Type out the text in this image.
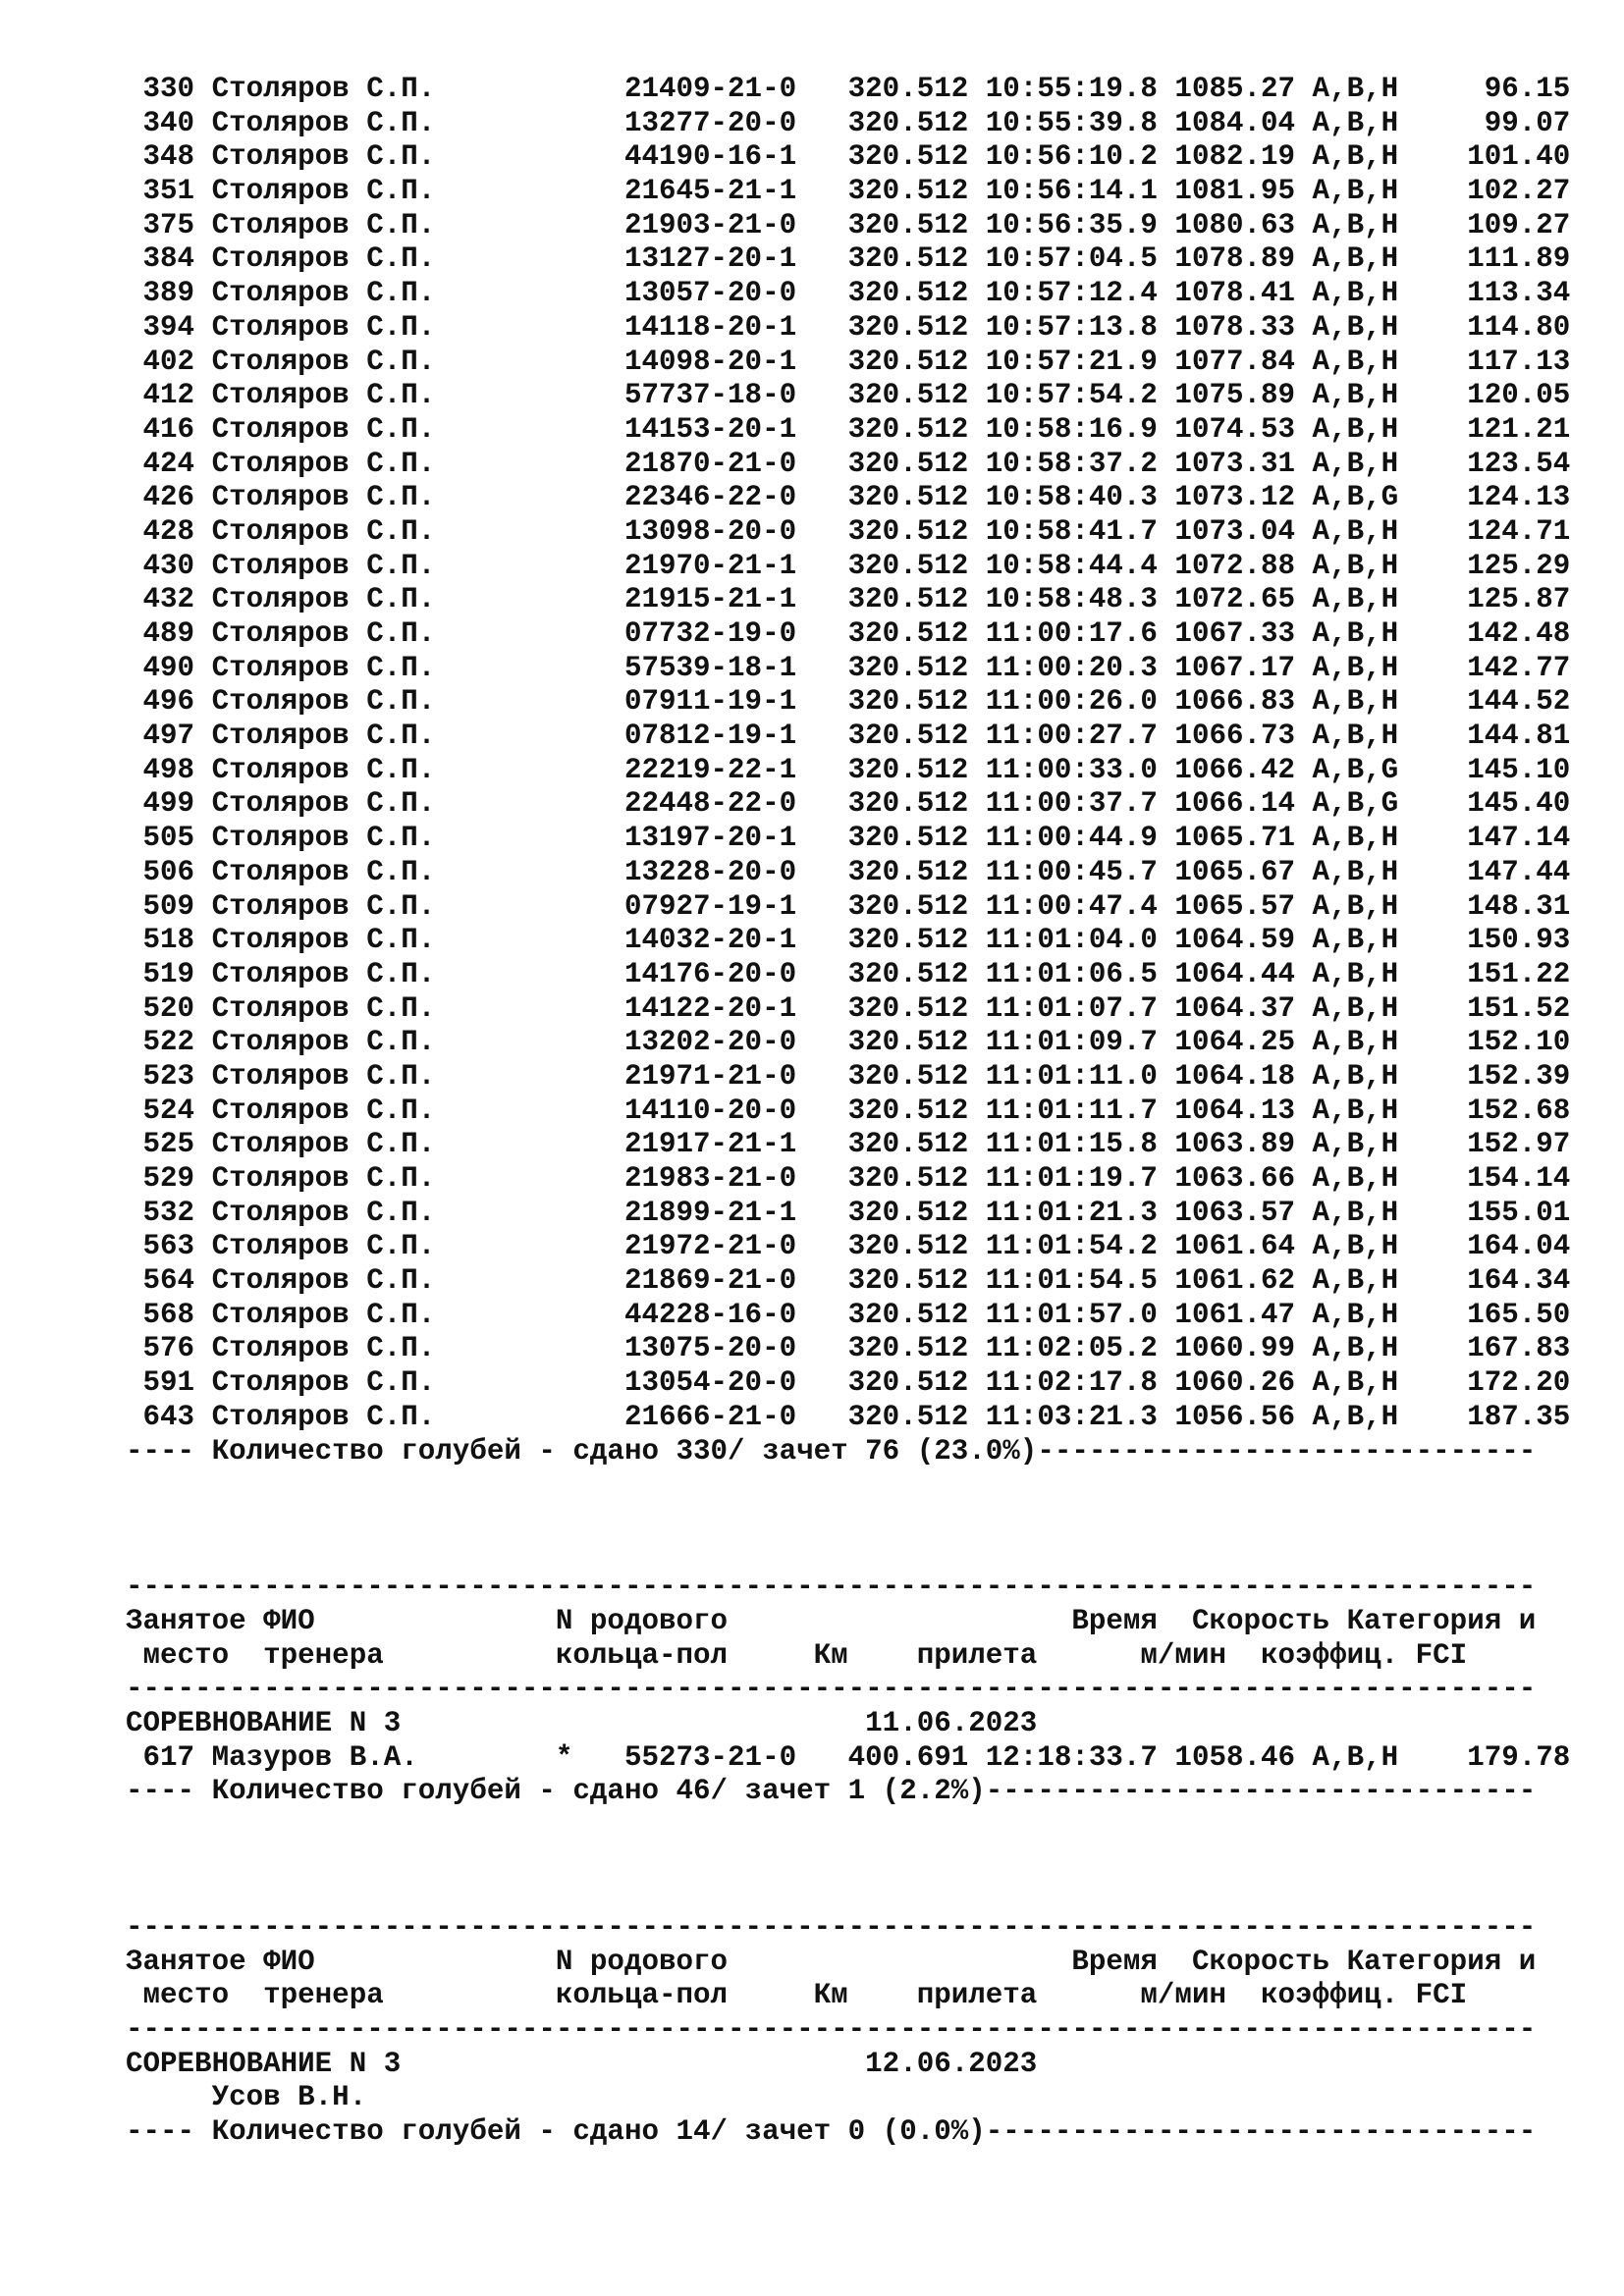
330 Столяров С.П.           21409-21-0   320.512 10:55:19.8 1085.27 A,B,H     96.15
340 Столяров С.П.           13277-20-0   320.512 10:55:39.8 1084.04 A,B,H     99.07
348 Столяров С.П.           44190-16-1   320.512 10:56:10.2 1082.19 A,B,H    101.40
351 Столяров С.П.           21645-21-1   320.512 10:56:14.1 1081.95 A,B,H    102.27
375 Столяров С.П.           21903-21-0   320.512 10:56:35.9 1080.63 A,B,H    109.27
384 Столяров С.П.           13127-20-1   320.512 10:57:04.5 1078.89 A,B,H    111.89
389 Столяров С.П.           13057-20-0   320.512 10:57:12.4 1078.41 A,B,H    113.34
394 Столяров С.П.           14118-20-1   320.512 10:57:13.8 1078.33 A,B,H    114.80
402 Столяров С.П.           14098-20-1   320.512 10:57:21.9 1077.84 A,B,H    117.13
412 Столяров С.П.           57737-18-0   320.512 10:57:54.2 1075.89 A,B,H    120.05
416 Столяров С.П.           14153-20-1   320.512 10:58:16.9 1074.53 A,B,H    121.21
424 Столяров С.П.           21870-21-0   320.512 10:58:37.2 1073.31 A,B,H    123.54
426 Столяров С.П.           22346-22-0   320.512 10:58:40.3 1073.12 A,B,G    124.13
428 Столяров С.П.           13098-20-0   320.512 10:58:41.7 1073.04 A,B,H    124.71
430 Столяров С.П.           21970-21-1   320.512 10:58:44.4 1072.88 A,B,H    125.29
432 Столяров С.П.           21915-21-1   320.512 10:58:48.3 1072.65 A,B,H    125.87
489 Столяров С.П.           07732-19-0   320.512 11:00:17.6 1067.33 A,B,H    142.48
490 Столяров С.П.           57539-18-1   320.512 11:00:20.3 1067.17 A,B,H    142.77
496 Столяров С.П.           07911-19-1   320.512 11:00:26.0 1066.83 A,B,H    144.52
497 Столяров С.П.           07812-19-1   320.512 11:00:27.7 1066.73 A,B,H    144.81
498 Столяров С.П.           22219-22-1   320.512 11:00:33.0 1066.42 A,B,G    145.10
499 Столяров С.П.           22448-22-0   320.512 11:00:37.7 1066.14 A,B,G    145.40
505 Столяров С.П.           13197-20-1   320.512 11:00:44.9 1065.71 A,B,H    147.14
506 Столяров С.П.           13228-20-0   320.512 11:00:45.7 1065.67 A,B,H    147.44
509 Столяров С.П.           07927-19-1   320.512 11:00:47.4 1065.57 A,B,H    148.31
518 Столяров С.П.           14032-20-1   320.512 11:01:04.0 1064.59 A,B,H    150.93
519 Столяров С.П.           14176-20-0   320.512 11:01:06.5 1064.44 A,B,H    151.22
520 Столяров С.П.           14122-20-1   320.512 11:01:07.7 1064.37 A,B,H    151.52
522 Столяров С.П.           13202-20-0   320.512 11:01:09.7 1064.25 A,B,H    152.10
523 Столяров С.П.           21971-21-0   320.512 11:01:11.0 1064.18 A,B,H    152.39
524 Столяров С.П.           14110-20-0   320.512 11:01:11.7 1064.13 A,B,H    152.68
525 Столяров С.П.           21917-21-1   320.512 11:01:15.8 1063.89 A,B,H    152.97
529 Столяров С.П.           21983-21-0   320.512 11:01:19.7 1063.66 A,B,H    154.14
532 Столяров С.П.           21899-21-1   320.512 11:01:21.3 1063.57 A,B,H    155.01
563 Столяров С.П.           21972-21-0   320.512 11:01:54.2 1061.64 A,B,H    164.04
564 Столяров С.П.           21869-21-0   320.512 11:01:54.5 1061.62 A,B,H    164.34
568 Столяров С.П.           44228-16-0   320.512 11:01:57.0 1061.47 A,B,H    165.50
576 Столяров С.П.           13075-20-0   320.512 11:02:05.2 1060.99 A,B,H    167.83
591 Столяров С.П.           13054-20-0   320.512 11:02:17.8 1060.26 A,B,H    172.20
643 Столяров С.П.           21666-21-0   320.512 11:03:21.3 1056.56 A,B,H    187.35
---- Количество голубей - сдано 330/ зачет 76 (23.0%)-----------------------------
----------------------------------------------------------------------------------
Занятое ФИО              N родового                    Время  Скорость Категория и
место  тренера          кольца-пол     Км    прилета      м/мин  коэффиц. FCI
----------------------------------------------------------------------------------
СОРЕВНОВАНИЕ N 3                           11.06.2023
617 Мазуров В.А.        *   55273-21-0   400.691 12:18:33.7 1058.46 A,B,H    179.78
---- Количество голубей - сдано 46/ зачет 1 (2.2%)--------------------------------
----------------------------------------------------------------------------------
Занятое ФИО              N родового                    Время  Скорость Категория и
место  тренера          кольца-пол     Км    прилета      м/мин  коэффиц. FCI
----------------------------------------------------------------------------------
СОРЕВНОВАНИЕ N 3                           12.06.2023
Усов В.Н.
---- Количество голубей - сдано 14/ зачет 0 (0.0%)--------------------------------
